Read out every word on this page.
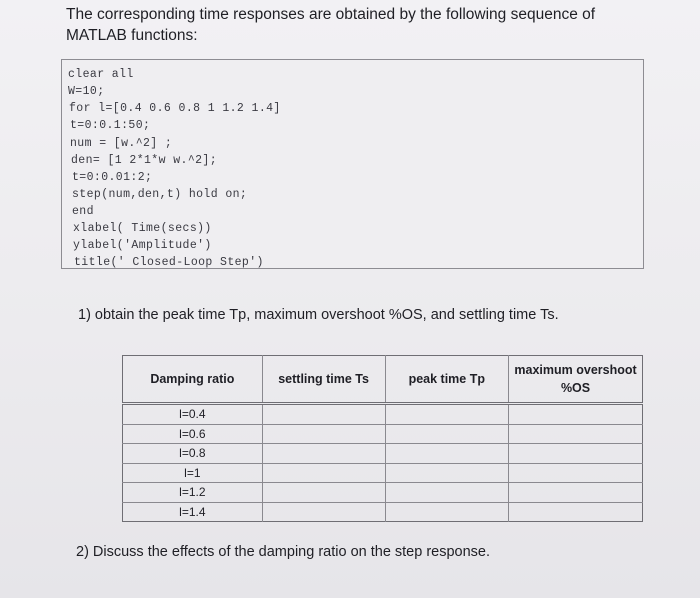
The corresponding time responses are obtained by the following sequence of MATLAB functions:
clear all
W=10;
for l=[0.4 0.6 0.8 1 1.2 1.4]
t=0:0.1:50;
num = [w.^2] ;
den= [1 2*1*w w.^2];
t=0:0.01:2;
step(num,den,t) hold on;
end
xlabel( Time(secs))
ylabel('Amplitude')
title(' Closed-Loop Step')
1) obtain the peak time Tp, maximum overshoot %OS, and settling time Ts.
Damping ratio	settling time Ts	peak time Tp	maximum overshoot %OS
l=0.4			
l=0.6			
l=0.8			
l=1			
l=1.2			
l=1.4			
2) Discuss the effects of the damping ratio on the step response.
